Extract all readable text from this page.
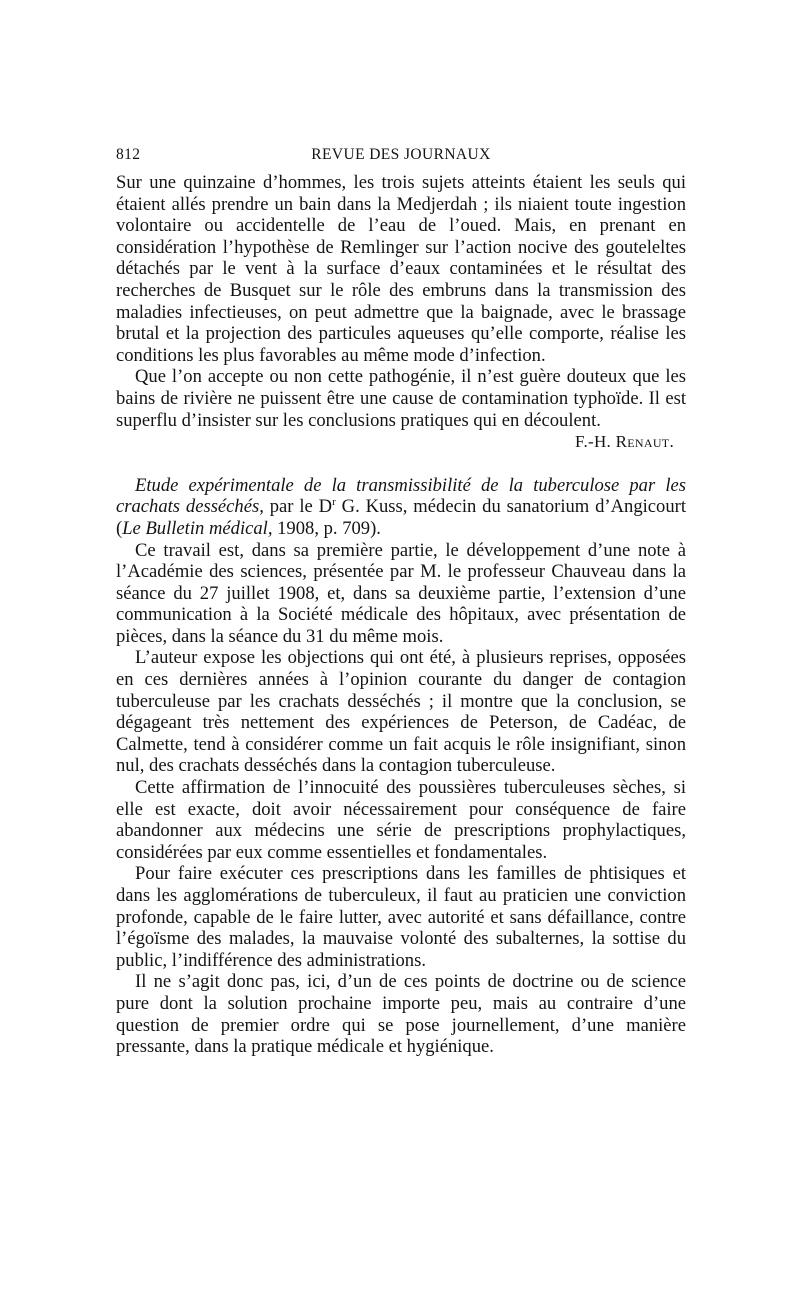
812	REVUE DES JOURNAUX

Sur une quinzaine d’hommes, les trois sujets atteints étaient les seuls qui étaient allés prendre un bain dans la Medjerdah ; ils niaient toute ingestion volontaire ou accidentelle de l’eau de l’oued. Mais, en prenant en considération l’hypothèse de Remlinger sur l’action nocive des gouteleltes détachés par le vent à la surface d’eaux contaminées et le résultat des recherches de Busquet sur le rôle des embruns dans la transmission des maladies infectieuses, on peut admettre que la baignade, avec le brassage brutal et la projection des particules aqueuses qu’elle comporte, réalise les conditions les plus favorables au même mode d’infection.

Que l’on accepte ou non cette pathogénie, il n’est guère douteux que les bains de rivière ne puissent être une cause de contamination typhoïde. Il est superflu d’insister sur les conclusions pratiques qui en découlent.

F.-H. Renaut.

Etude expérimentale de la transmissibilité de la tuberculose par les crachats desséchés, par le $D^r$ G. Kuss, médecin du sanatorium d’Angicourt (Le Bulletin médical, 1908, p. 709).

Ce travail est, dans sa première partie, le développement d’une note à l’Académie des sciences, présentée par M. le professeur Chauveau dans la séance du 27 juillet 1908, et, dans sa deuxième partie, l’extension d’une communication à la Société médicale des hôpitaux, avec présentation de pièces, dans la séance du 31 du même mois.

L’auteur expose les objections qui ont été, à plusieurs reprises, opposées en ces dernières années à l’opinion courante du danger de contagion tuberculeuse par les crachats desséchés ; il montre que la conclusion, se dégageant très nettement des expériences de Peterson, de Cadéac, de Calmette, tend à considérer comme un fait acquis le rôle insignifiant, sinon nul, des crachats desséchés dans la contagion tuberculeuse.

Cette affirmation de l’innocuité des poussières tuberculeuses sèches, si elle est exacte, doit avoir nécessairement pour conséquence de faire abandonner aux médecins une série de prescriptions prophylactiques, considérées par eux comme essentielles et fondamentales.

Pour faire exécuter ces prescriptions dans les familles de phtisiques et dans les agglomérations de tuberculeux, il faut au praticien une conviction profonde, capable de le faire lutter, avec autorité et sans défaillance, contre l’égoïsme des malades, la mauvaise volonté des subalternes, la sottise du public, l’indifférence des administrations.

Il ne s’agit donc pas, ici, d’un de ces points de doctrine ou de science pure dont la solution prochaine importe peu, mais au contraire d’une question de premier ordre qui se pose journellement, d’une manière pressante, dans la pratique médicale et hygiénique.
